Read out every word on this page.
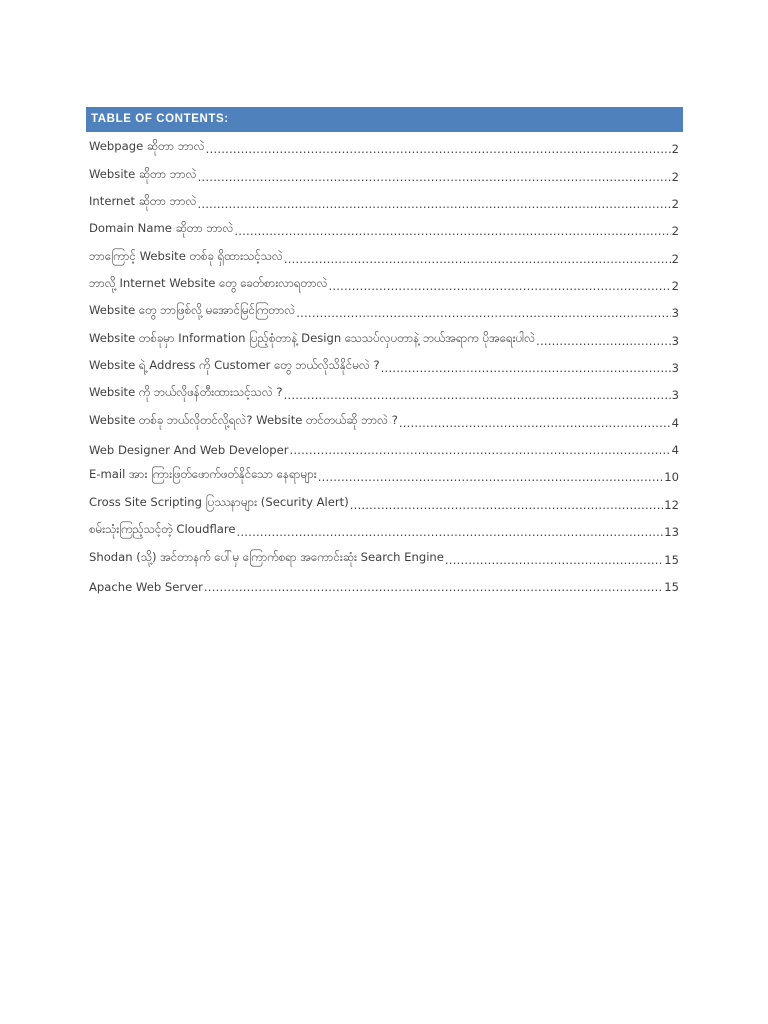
TABLE OF CONTENTS:
Webpage ဆိုတာ ဘာလဲ .....	2
Website ဆိုတာ ဘာလဲ .....	2
Internet ဆိုတာ ဘာလဲ .....	2
Domain Name ဆိုတာ ဘာလဲ .....	2
ဘာကြောင့် Website တစ်ခု ရှိထားသင့်သလဲ .....	2
ဘာလို့ Internet Website တွေ ခေတ်စားလာရတာလဲ .....	2
Website တွေ ဘာဖြစ်လို့ မအောင်မြင်ကြတာလဲ .....	3
Website တစ်ခုမှာ Information ပြည့်စုံတာနဲ့ Design သေသပ်လှပတာနဲ့ ဘယ်အရာက ပိုအရေးပါလဲ .....	3
Website ရဲ့ Address ကို Customer တွေ ဘယ်လိုသိနိုင်မလဲ ? .....	3
Website ကို ဘယ်လိုဖန်တီးထားသင့်သလဲ ? .....	3
Website တစ်ခု ဘယ်လိုတင်လို့ရလဲ? Website တင်တယ်ဆို ဘာလဲ ? .....	4
Web Designer And Web Developer .....	4
E-mail အား ကြားဖြတ်ဖောက်ဖတ်နိုင်သော နေရာများ .....	10
Cross Site Scripting ပြဿနာများ (Security Alert) .....	12
စမ်းသုံးကြည့်သင့်တဲ့ Cloudflare .....	13
Shodan (သို့) အင်တာနက် ပေါ်မှ ကြောက်စရာ အကောင်းဆုံး Search Engine .....	15
Apache Web Server .....	15
